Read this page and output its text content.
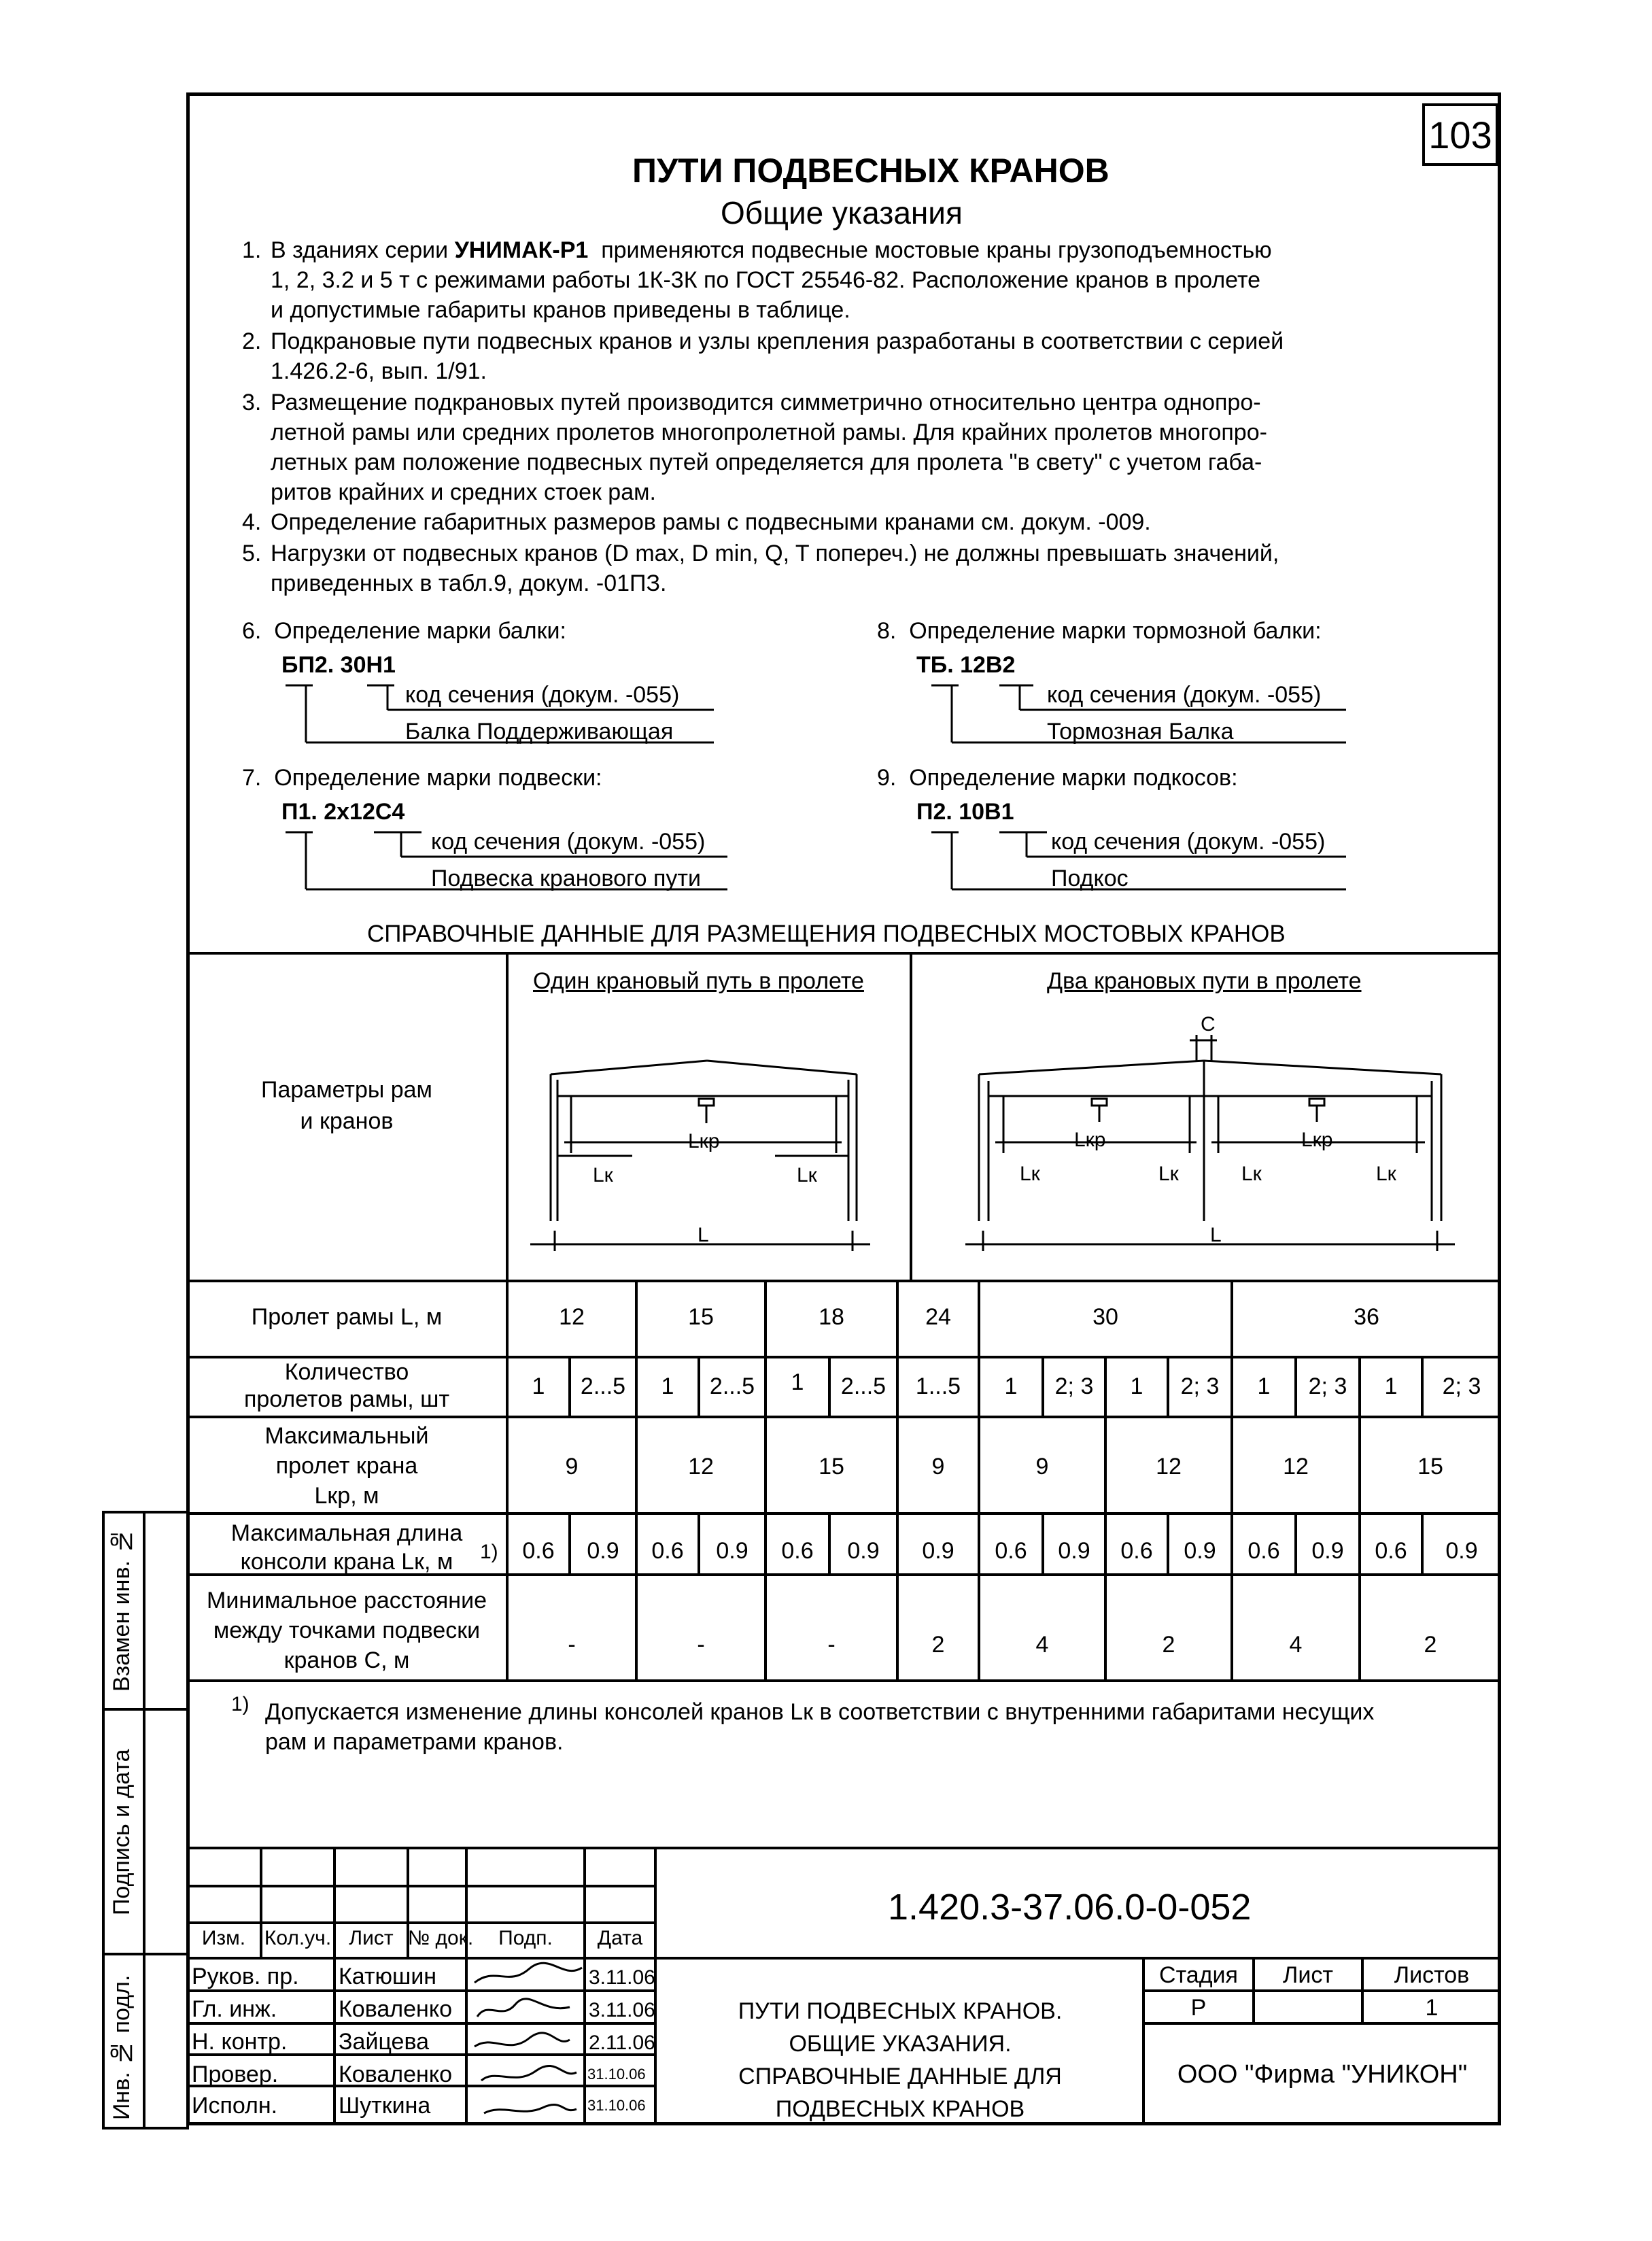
103
ПУТИ ПОДВЕСНЫХ КРАНОВ
Общие указания
1. В зданиях серии УНИМАК-Р1 применяются подвесные мостовые краны грузоподъемностью
1, 2, 3.2 и 5 т с режимами работы 1К-3К по ГОСТ 25546-82. Расположение кранов в пролете
и допустимые габариты кранов приведены в таблице.
2. Подкрановые пути подвесных кранов и узлы крепления разработаны в соответствии с серией
1.426.2-6, вып. 1/91.
3. Размещение подкрановых путей производится симметрично относительно центра однопро-
летной рамы или средних пролетов многопролетной рамы. Для крайних пролетов многопро-
летных рам положение подвесных путей определяется для пролета "в свету" с учетом габа-
ритов крайних и средних стоек рам.
4. Определение габаритных размеров рамы с подвесными кранами см. докум. -009.
5. Нагрузки от подвесных кранов (D max, D min, Q, T попереч.) не должны превышать значений,
приведенных в табл.9, докум. -01ПЗ.
6. Определение марки балки:
БП2. 30Н1
код сечения (докум. -055)
Балка Поддерживающая
7. Определение марки подвески:
П1. 2х12С4
код сечения (докум. -055)
Подвеска кранового пути
8. Определение марки тормозной балки:
ТБ. 12В2
код сечения (докум. -055)
Тормозная Балка
9. Определение марки подкосов:
П2. 10В1
код сечения (докум. -055)
Подкос
СПРАВОЧНЫЕ ДАННЫЕ ДЛЯ РАЗМЕЩЕНИЯ ПОДВЕСНЫХ МОСТОВЫХ КРАНОВ
Параметры рам
и кранов
Один крановый путь в пролете	Два крановых пути в пролете
Lкр
Lк	Lк
L
C
Lкр	Lкр
Lк	Lк	Lк	Lк
L
Пролет рамы L, м	12	15	18	24	30	36
Количество
пролетов рамы, шт	1	2...5	1	2...5	1	2...5	1...5	1	2; 3	1	2; 3	1	2; 3	1	2; 3
Максимальный
пролет крана
Lкр, м
9	12	15	9	9	12	12	15
Максимальная длина
консоли крана Lк, м	1)	0.6	0.9	0.6	0.9	0.6	0.9	0.9	0.6	0.9	0.6	0.9	0.6	0.9	0.6	0.9
Минимальное расстояние
между точками подвески
кранов С, м
-	-	-	2	4	2	4	2
1) Допускается изменение длины консолей кранов Lк в соответствии с внутренними габаритами несущих
рам и параметрами кранов.
Взамен инв. №
Подпись и дата
Инв. № подл.
1.420.3-37.06.0-0-052
Изм. Кол.уч. Лист № док.	Подп.	Дата
Руков. пр. Катюшин	3.11.06
Гл. инж.	Коваленко	3.11.06
Н. контр. Зайцева	2.11.06
Провер.	Коваленко	31.10.06
Исполн.	Шуткина	31.10.06
ПУТИ ПОДВЕСНЫХ КРАНОВ.
ОБЩИЕ УКАЗАНИЯ.
СПРАВОЧНЫЕ ДАННЫЕ ДЛЯ
ПОДВЕСНЫХ КРАНОВ
Стадия	Лист	Листов
Р	1
ООО "Фирма "УНИКОН"
